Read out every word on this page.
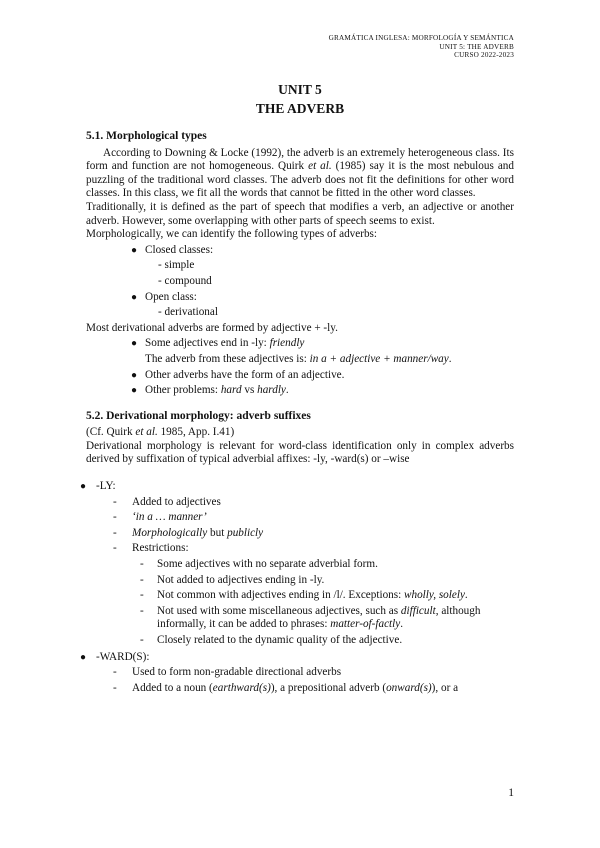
GRAMÁTICA INGLESA: MORFOLOGÍA Y SEMÁNTICA
UNIT 5: THE ADVERB
CURSO 2022-2023
UNIT 5
THE ADVERB
5.1. Morphological types

According to Downing & Locke (1992), the adverb is an extremely heterogeneous class. Its form and function are not homogeneous. Quirk et al. (1985) say it is the most nebulous and puzzling of the traditional word classes. The adverb does not fit the definitions for other word classes. In this class, we fit all the words that cannot be fitted in the other word classes.

Traditionally, it is defined as the part of speech that modifies a verb, an adjective or another adverb. However, some overlapping with other parts of speech seems to exist.

Morphologically, we can identify the following types of adverbs:

● Closed classes:
- simple
- compound
● Open class:
- derivational

Most derivational adverbs are formed by adjective + -ly.

● Some adjectives end in -ly: friendly
The adverb from these adjectives is: in a + adjective + manner/way.
● Other adverbs have the form of an adjective.
● Other problems: hard vs hardly.
5.2. Derivational morphology: adverb suffixes

(Cf. Quirk et al. 1985, App. I.41)

Derivational morphology is relevant for word-class identification only in complex adverbs derived by suffixation of typical adverbial affixes: -ly, -ward(s) or –wise

● -LY:
- Added to adjectives
- ‘in a … manner’
- Morphologically but publicly
- Restrictions:
- Some adjectives with no separate adverbial form.
- Not added to adjectives ending in -ly.
- Not common with adjectives ending in /l/. Exceptions: wholly, solely.
- Not used with some miscellaneous adjectives, such as difficult, although informally, it can be added to phrases: matter-of-factly.
- Closely related to the dynamic quality of the adjective.
● -WARD(S):
- Used to form non-gradable directional adverbs
- Added to a noun (earthward(s)), a prepositional adverb (onward(s)), or a
1
